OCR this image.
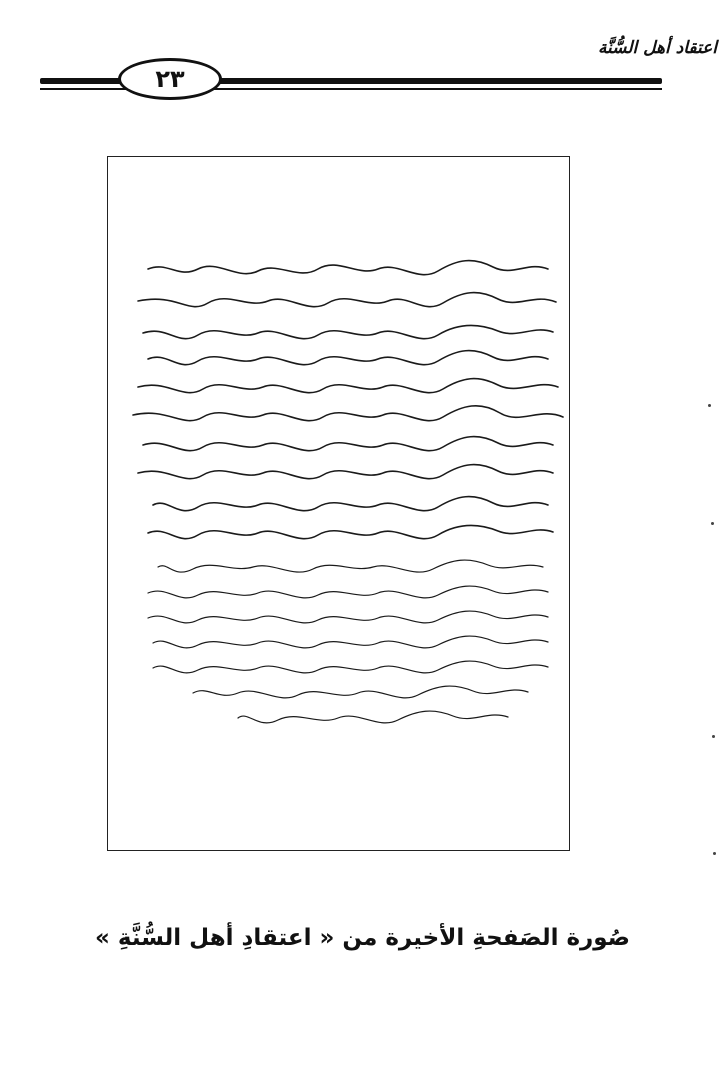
اعتقاد أهل السُّنَّة
٢٣
صُورة الصَفحةِ الأخيرة من « اعتقادِ أهل السُّنَّةِ »
